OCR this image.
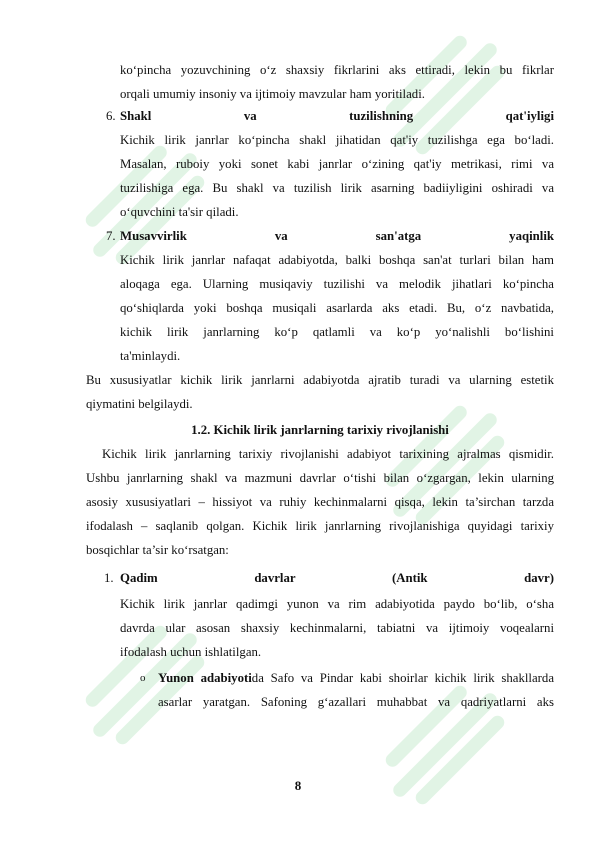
ko‘pincha yozuvchining o‘z shaxsiy fikrlarini aks ettiradi, lekin bu fikrlar
orqali umumiy insoniy va ijtimoiy mavzular ham yoritiladi.
6. Shakl va tuzilishning qat'iyligi
Kichik lirik janrlar ko‘pincha shakl jihatidan qat'iy tuzilishga ega bo‘ladi.
Masalan, ruboiy yoki sonet kabi janrlar o‘zining qat'iy metrikasi, rimi va
tuzilishiga ega. Bu shakl va tuzilish lirik asarning badiiyligini oshiradi va
o‘quvchini ta'sir qiladi.
7. Musavvirlik va san'atga yaqinlik
Kichik lirik janrlar nafaqat adabiyotda, balki boshqa san'at turlari bilan ham
aloqaga ega. Ularning musiqaviy tuzilishi va melodik jihatlari ko‘pincha
qo‘shiqlarda yoki boshqa musiqali asarlarda aks etadi. Bu, o‘z navbatida,
kichik lirik janrlarning ko‘p qatlamli va ko‘p yo‘nalishli bo‘lishini
ta'minlaydi.
Bu xususiyatlar kichik lirik janrlarni adabiyotda ajratib turadi va ularning estetik
qiymatini belgilaydi.
1.2. Kichik lirik janrlarning tarixiy rivojlanishi
Kichik lirik janrlarning tarixiy rivojlanishi adabiyot tarixining ajralmas qismidir.
Ushbu janrlarning shakl va mazmuni davrlar o‘tishi bilan o‘zgargan, lekin ularning
asosiy xususiyatlari – hissiyot va ruhiy kechinmalarni qisqa, lekin ta’sirchan tarzda
ifodalash – saqlanib qolgan. Kichik lirik janrlarning rivojlanishiga quyidagi tarixiy
bosqichlar ta’sir ko‘rsatgan:
1. Qadim davrlar (Antik davr)
Kichik lirik janrlar qadimgi yunon va rim adabiyotida paydo bo‘lib, o‘sha
davrda ular asosan shaxsiy kechinmalarni, tabiatni va ijtimoiy voqealarni
ifodalash uchun ishlatilgan.
o Yunon adabiyotida Safo va Pindar kabi shoirlar kichik lirik shakllarda
asarlar yaratgan. Safoning g‘azallari muhabbat va qadriyatlarni aks
8
